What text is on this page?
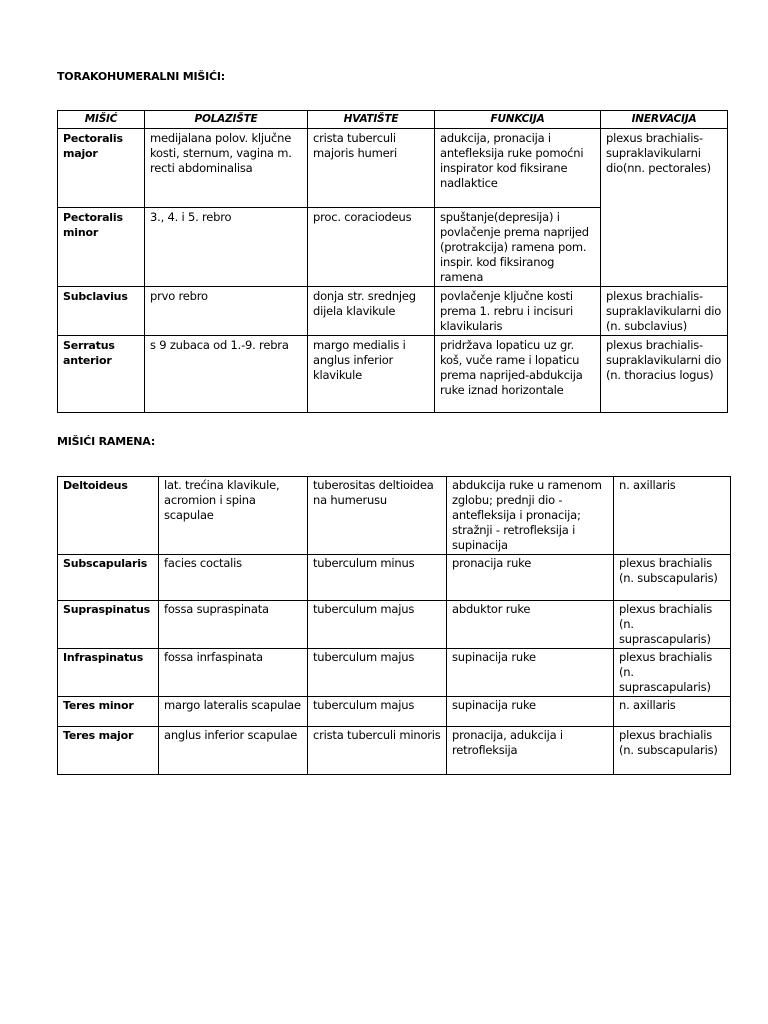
TORAKOHUMERALNI MIŠIĆI:
MIŠIĆ	POLAZIŠTE	HVATIŠTE	FUNKCIJA	INERVACIJA
Pectoralis major	medijalana polov. ključne kosti, sternum, vagina m. recti abdominalisa	crista tuberculi majoris humeri	adukcija, pronacija i antefleksija ruke pomoćni inspirator kod fiksirane nadlaktice	plexus brachialis-supraklavikularni dio(nn. pectorales)
Pectoralis minor	3., 4. i 5. rebro	proc. coraciodeus	spuštanje(depresija) i povlačenje prema naprijed (protrakcija) ramena pom. inspir. kod fiksiranog ramena	
Subclavius	prvo rebro	donja str. srednjeg dijela klavikule	povlačenje ključne kosti prema 1. rebru i incisuri klavikularis	plexus brachialis-supraklavikularni dio (n. subclavius)
Serratus anterior	s 9 zubaca od 1.-9. rebra	margo medialis i anglus inferior klavikule	pridržava lopaticu uz gr. koš, vuče rame i lopaticu prema naprijed-abdukcija ruke iznad horizontale	plexus brachialis-supraklavikularni dio (n. thoracius logus)
MIŠIĆI RAMENA:
Deltoideus	lat. trećina klavikule, acromion i spina scapulae	tuberositas deltioidea na humerusu	abdukcija ruke u ramenom zglobu; prednji dio - antefleksija i pronacija; stražnji - retrofleksija i supinacija	n. axillaris
Subscapularis	facies coctalis	tuberculum minus	pronacija ruke	plexus brachialis (n. subscapularis)
Supraspinatus	fossa supraspinata	tuberculum majus	abduktor ruke	plexus brachialis (n. suprascapularis)
Infraspinatus	fossa inrfaspinata	tuberculum majus	supinacija ruke	plexus brachialis (n. suprascapularis)
Teres minor	margo lateralis scapulae	tuberculum majus	supinacija ruke	n. axillaris
Teres major	anglus inferior scapulae	crista tuberculi minoris	pronacija, adukcija i retrofleksija	plexus brachialis (n. subscapularis)
